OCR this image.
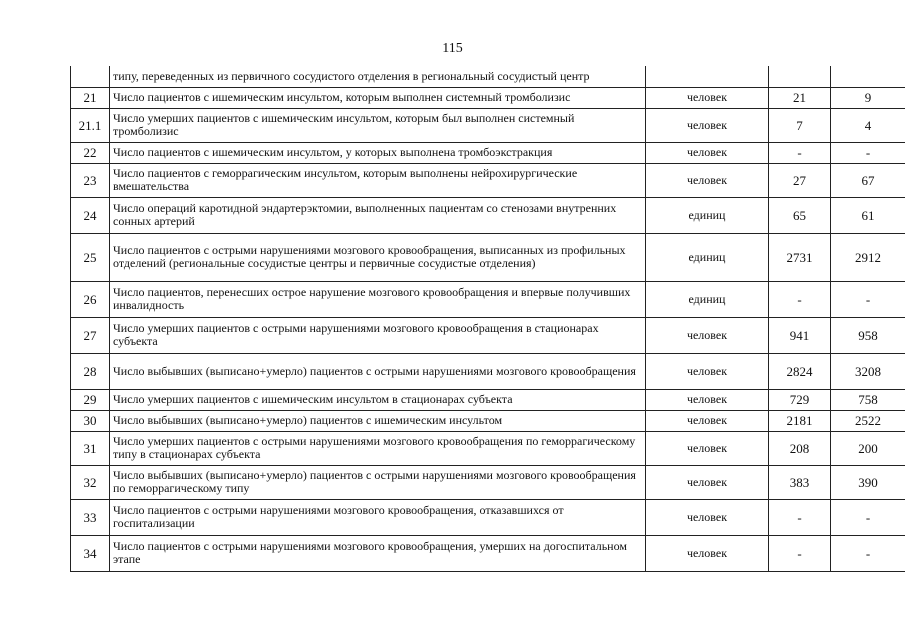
115
	типу, переведенных из первичного сосудистого отделения в региональный сосудистый центр			
21	Число пациентов с ишемическим инсультом, которым выполнен системный тромболизис	человек	21	9
21.1	Число умерших пациентов с ишемическим инсультом, которым был выполнен системный тромболизис	человек	7	4
22	Число пациентов с ишемическим инсультом, у которых выполнена тромбоэкстракция	человек	-	-
23	Число пациентов с геморрагическим инсультом, которым выполнены нейрохирургические вмешательства	человек	27	67
24	Число операций каротидной эндартерэктомии, выполненных пациентам со стенозами внутренних сонных артерий	единиц	65	61
25	Число пациентов с острыми нарушениями мозгового кровообращения, выписанных из профильных отделений (региональные сосудистые центры и первичные сосудистые отделения)	единиц	2731	2912
26	Число пациентов, перенесших острое нарушение мозгового кровообращения и впервые получивших инвалидность	единиц	-	-
27	Число умерших пациентов с острыми нарушениями мозгового кровообращения в стационарах субъекта	человек	941	958
28	Число выбывших (выписано+умерло) пациентов с острыми нарушениями мозгового кровообращения	человек	2824	3208
29	Число умерших пациентов с ишемическим инсультом в стационарах субъекта	человек	729	758
30	Число выбывших (выписано+умерло) пациентов с ишемическим инсультом	человек	2181	2522
31	Число умерших пациентов с острыми нарушениями мозгового кровообращения по геморрагическому типу в стационарах субъекта	человек	208	200
32	Число выбывших (выписано+умерло) пациентов с острыми нарушениями мозгового кровообращения по геморрагическому типу	человек	383	390
33	Число пациентов с острыми нарушениями мозгового кровообращения, отказавшихся от госпитализации	человек	-	-
34	Число пациентов с острыми нарушениями мозгового кровообращения, умерших на догоспитальном этапе	человек	-	-
